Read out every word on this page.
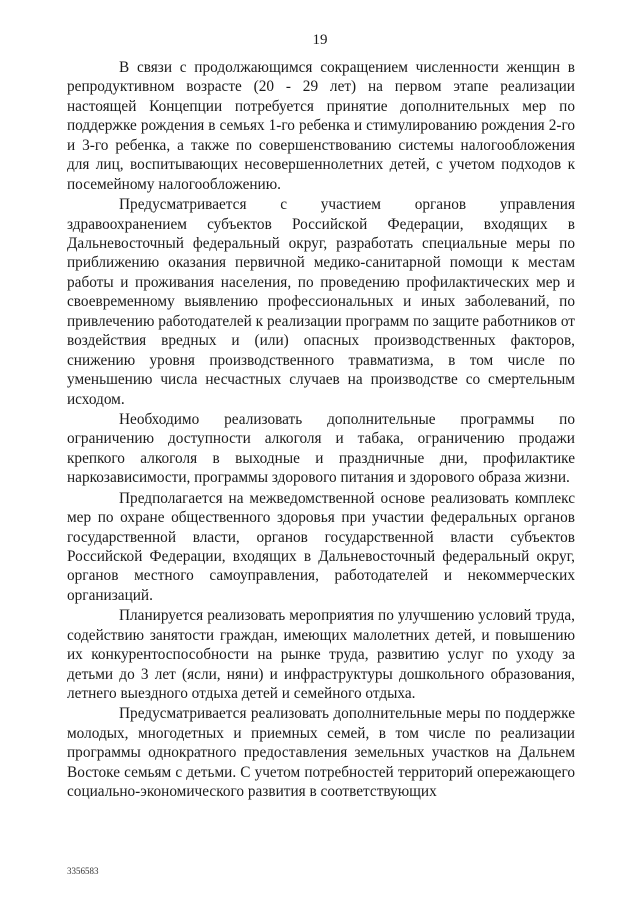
19

В связи с продолжающимся сокращением численности женщин в репродуктивном возрасте (20 - 29 лет) на первом этапе реализации настоящей Концепции потребуется принятие дополнительных мер по поддержке рождения в семьях 1-го ребенка и стимулированию рождения 2-го и 3-го ребенка, а также по совершенствованию системы налогообложения для лиц, воспитывающих несовершеннолетних детей, с учетом подходов к посемейному налогообложению.

Предусматривается с участием органов управления здравоохранением субъектов Российской Федерации, входящих в Дальневосточный федеральный округ, разработать специальные меры по приближению оказания первичной медико-санитарной помощи к местам работы и проживания населения, по проведению профилактических мер и своевременному выявлению профессиональных и иных заболеваний, по привлечению работодателей к реализации программ по защите работников от воздействия вредных и (или) опасных производственных факторов, снижению уровня производственного травматизма, в том числе по уменьшению числа несчастных случаев на производстве со смертельным исходом.

Необходимо реализовать дополнительные программы по ограничению доступности алкоголя и табака, ограничению продажи крепкого алкоголя в выходные и праздничные дни, профилактике наркозависимости, программы здорового питания и здорового образа жизни.

Предполагается на межведомственной основе реализовать комплекс мер по охране общественного здоровья при участии федеральных органов государственной власти, органов государственной власти субъектов Российской Федерации, входящих в Дальневосточный федеральный округ, органов местного самоуправления, работодателей и некоммерческих организаций.

Планируется реализовать мероприятия по улучшению условий труда, содействию занятости граждан, имеющих малолетних детей, и повышению их конкурентоспособности на рынке труда, развитию услуг по уходу за детьми до 3 лет (ясли, няни) и инфраструктуры дошкольного образования, летнего выездного отдыха детей и семейного отдыха.

Предусматривается реализовать дополнительные меры по поддержке молодых, многодетных и приемных семей, в том числе по реализации программы однократного предоставления земельных участков на Дальнем Востоке семьям с детьми. С учетом потребностей территорий опережающего социально-экономического развития в соответствующих

3356583
